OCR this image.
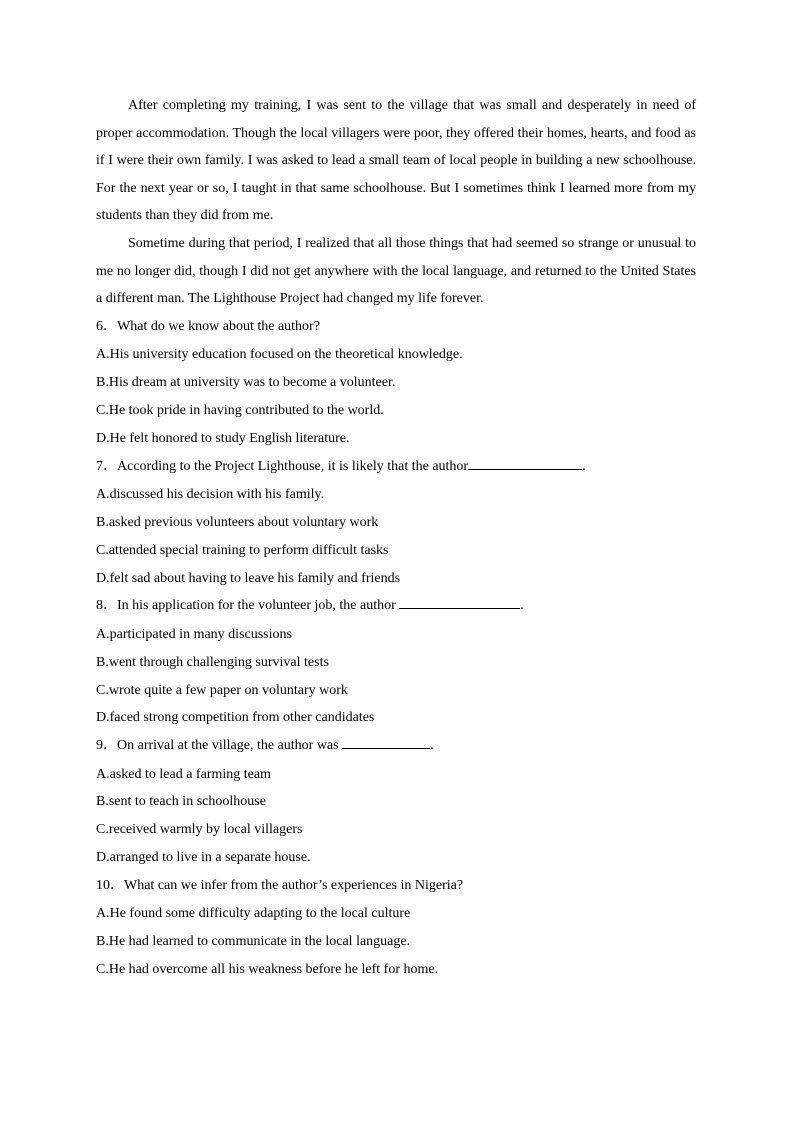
After completing my training, I was sent to the village that was small and desperately in need of proper accommodation. Though the local villagers were poor, they offered their homes, hearts, and food as if I were their own family. I was asked to lead a small team of local people in building a new schoolhouse. For the next year or so, I taught in that same schoolhouse. But I sometimes think I learned more from my students than they did from me.

Sometime during that period, I realized that all those things that had seemed so strange or unusual to me no longer did, though I did not get anywhere with the local language, and returned to the United States a different man. The Lighthouse Project had changed my life forever.

6．What do we know about the author?

A.His university education focused on the theoretical knowledge.

B.His dream at university was to become a volunteer.

C.He took pride in having contributed to the world.

D.He felt honored to study English literature.

7．According to the Project Lighthouse, it is likely that the author	.

A.discussed his decision with his family.

B.asked previous volunteers about voluntary work

C.attended special training to perform difficult tasks

D.felt sad about having to leave his family and friends

8．In his application for the volunteer job, the author	.

A.participated in many discussions

B.went through challenging survival tests

C.wrote quite a few paper on voluntary work

D.faced strong competition from other candidates

9．On arrival at the village, the author was	.

A.asked to lead a farming team

B.sent to teach in schoolhouse

C.received warmly by local villagers

D.arranged to live in a separate house.

10．What can we infer from the author’s experiences in Nigeria?

A.He found some difficulty adapting to the local culture

B.He had learned to communicate in the local language.

C.He had overcome all his weakness before he left for home.
